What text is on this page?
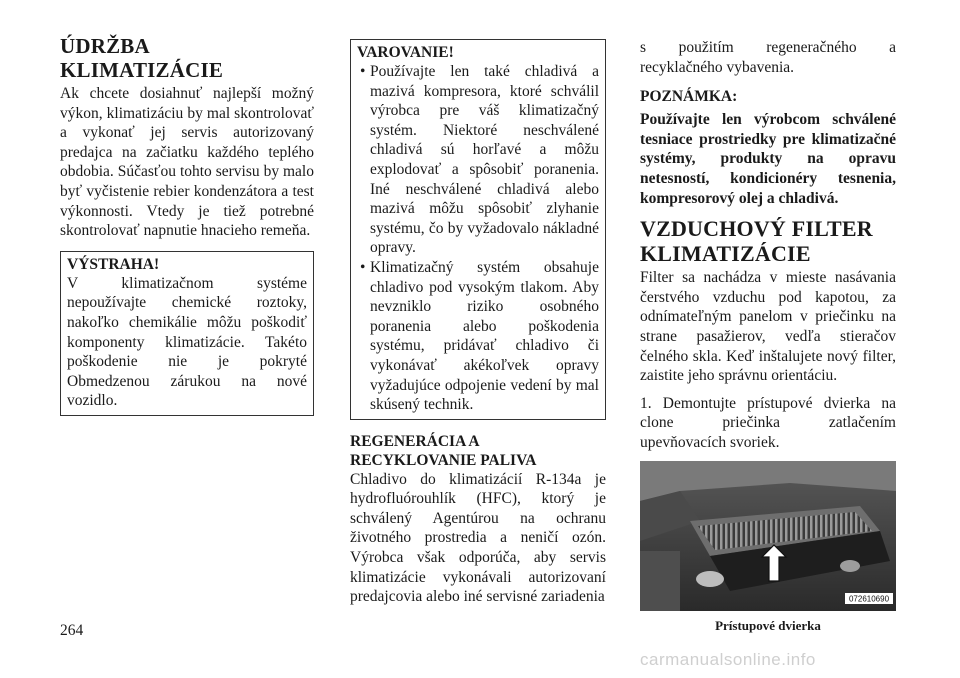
ÚDRŽBA KLIMATIZÁCIE

Ak chcete dosiahnuť najlepší možný výkon, klimatizáciu by mal skontrolovať a vykonať jej servis autorizovaný predajca na začiatku každého teplého obdobia. Súčasťou tohto servisu by malo byť vyčistenie rebier kondenzátora a test výkonnosti. Vtedy je tiež potrebné skontrolovať napnutie hnacieho remeňa.

VÝSTRAHA!

V klimatizačnom systéme nepoužívajte chemické roztoky, nakoľko chemikálie môžu poškodiť komponenty klimatizácie. Takéto poškodenie nie je pokryté Obmedzenou zárukou na nové vozidlo.

VAROVANIE!
• Používajte len také chladivá a mazivá kompresora, ktoré schválil výrobca pre váš klimatizačný systém. Niektoré neschválené chladivá sú horľavé a môžu explodovať a spôsobiť poranenia. Iné neschválené chladivá alebo mazivá môžu spôsobiť zlyhanie systému, čo by vyžadovalo nákladné opravy.
• Klimatizačný systém obsahuje chladivo pod vysokým tlakom. Aby nevzniklo riziko osobného poranenia alebo poškodenia systému, pridávať chladivo či vykonávať akékoľvek opravy vyžadujúce odpojenie vedení by mal skúsený technik.
REGENERÁCIA A RECYKLOVANIE PALIVA

Chladivo do klimatizácií R-134a je hydrofluórouhlík (HFC), ktorý je schválený Agentúrou na ochranu životného prostredia a neničí ozón. Výrobca však odporúča, aby servis klimatizácie vykonávali autorizovaní predajcovia alebo iné servisné zariadenia

s použitím regeneračného a recyklačného vybavenia.

POZNÁMKA:

Používajte len výrobcom schválené tesniace prostriedky pre klimatizačné systémy, produkty na opravu netesností, kondicionéry tesnenia, kompresorový olej a chladivá.

VZDUCHOVÝ FILTER KLIMATIZÁCIE

Filter sa nachádza v mieste nasávania čerstvého vzduchu pod kapotou, za odnímateľným panelom v priečinku na strane pasažierov, vedľa stieračov čelného skla. Keď inštalujete nový filter, zaistite jeho správnu orientáciu.

1. Demontujte prístupové dvierka na clone priečinka zatlačením upevňovacích svoriek.

072610690
Prístupové dvierka
264
carmanualsonline.info
